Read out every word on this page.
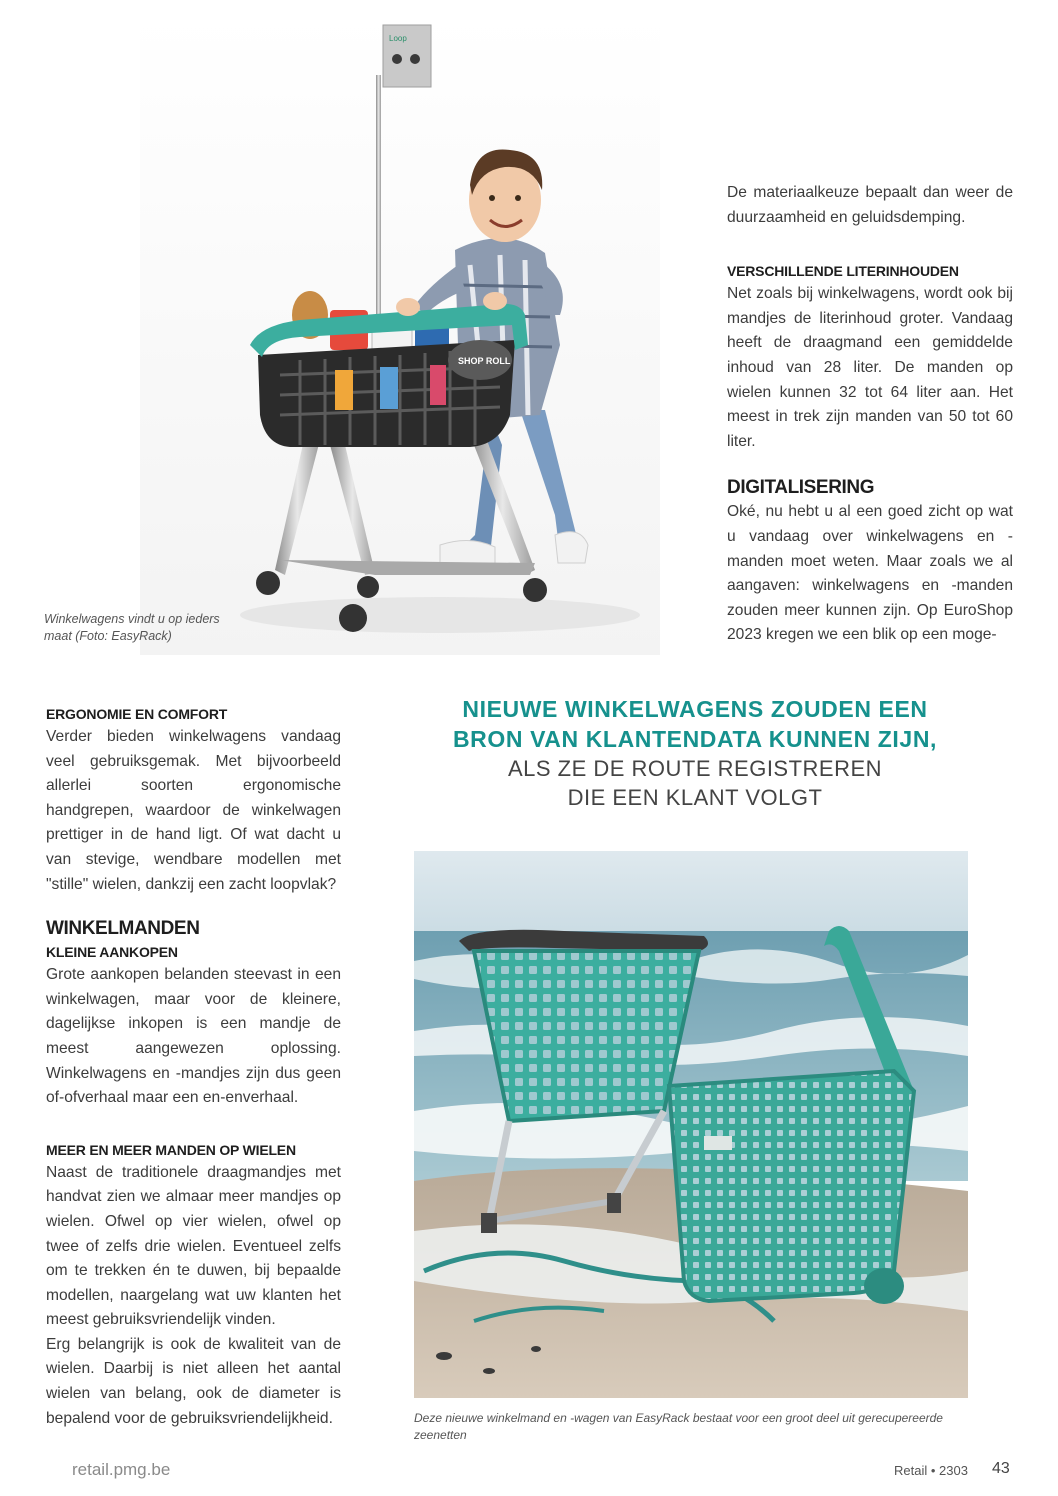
Loop
SHOP ROLL
Winkelwagens vindt u op ieders
maat (Foto: EasyRack)

De materiaalkeuze bepaalt dan weer de duurzaamheid en geluidsdemping.

VERSCHILLENDE LITERINHOUDEN

Net zoals bij winkelwagens, wordt ook bij mandjes de literinhoud groter. Vandaag heeft de draagmand een gemiddelde inhoud van 28 liter. De manden op wielen kunnen 32 tot 64 liter aan. Het meest in trek zijn manden van 50 tot 60 liter.

DIGITALISERING

Oké, nu hebt u al een goed zicht op wat u vandaag over winkelwagens en -manden moet weten. Maar zoals we al aangaven: winkelwagens en -manden zouden meer kunnen zijn. Op EuroShop 2023 kregen we een blik op een moge-

ERGONOMIE EN COMFORT

Verder bieden winkelwagens vandaag veel gebruiksgemak. Met bijvoorbeeld allerlei soorten ergonomische handgrepen, waardoor de winkelwagen prettiger in de hand ligt. Of wat dacht u van stevige, wendbare modellen met "stille" wielen, dankzij een zacht loopvlak?

WINKELMANDEN
KLEINE AANKOPEN

Grote aankopen belanden steevast in een winkelwagen, maar voor de kleinere, dagelijkse inkopen is een mandje de meest aangewezen oplossing. Winkelwagens en -mandjes zijn dus geen of-ofverhaal maar een en-enverhaal.

MEER EN MEER MANDEN OP WIELEN

Naast de traditionele draagmandjes met handvat zien we almaar meer mandjes op wielen. Ofwel op vier wielen, ofwel op twee of zelfs drie wielen. Eventueel zelfs om te trekken én te duwen, bij bepaalde modellen, naargelang wat uw klanten het meest gebruiksvriendelijk vinden.

Erg belangrijk is ook de kwaliteit van de wielen. Daarbij is niet alleen het aantal wielen van belang, ook de diameter is bepalend voor de gebruiksvriendelijkheid.

NIEUWE WINKELWAGENS ZOUDEN EEN
BRON VAN KLANTENDATA KUNNEN ZIJN,
ALS ZE DE ROUTE REGISTREREN
DIE EEN KLANT VOLGT
Deze nieuwe winkelmand en -wagen van EasyRack bestaat voor een groot deel uit gerecupereerde zeenetten
retail.pmg.be	Retail • 2303 43
